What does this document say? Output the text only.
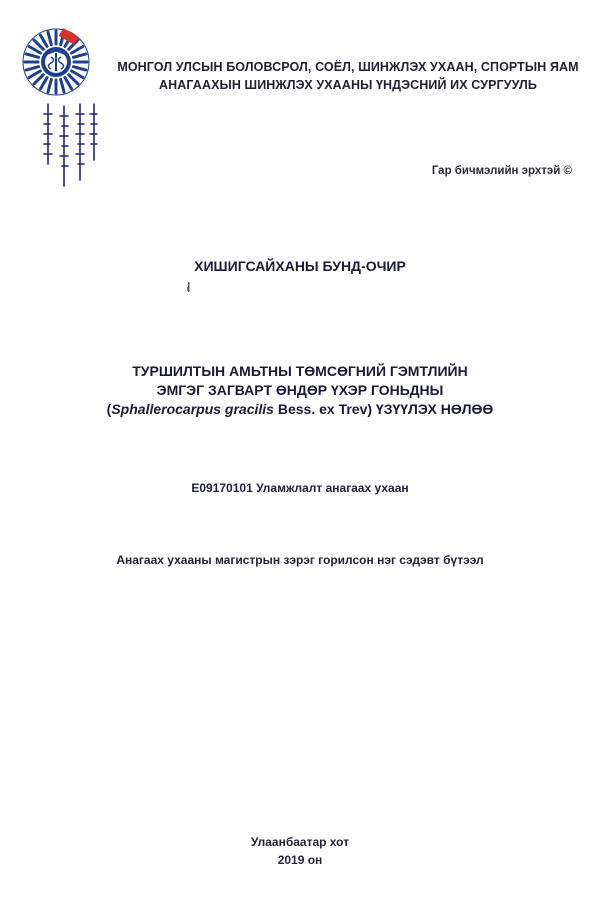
МОНГОЛ УЛСЫН БОЛОВСРОЛ, СОЁЛ, ШИНЖЛЭХ УХААН, СПОРТЫН ЯАМ
АНАГААХЫН ШИНЖЛЭХ УХААНЫ ҮНДЭСНИЙ ИХ СУРГУУЛЬ
Гар бичмэлийн эрхтэй ©
ХИШИГСАЙХАНЫ БУНД-ОЧИР
ТУРШИЛТЫН АМЬТНЫ ТӨМСӨГНИЙ ГЭМТЛИЙН
ЭМГЭГ ЗАГВАРТ ӨНДӨР ҮХЭР ГОНЬДНЫ
(Sphallerocarpus gracilis Bess. ex Trev) ҮЗҮҮЛЭХ НӨЛӨӨ
E09170101 Уламжлалт анагаах ухаан
Анагаах ухааны магистрын зэрэг горилсон нэг сэдэвт бүтээл
Улаанбаатар хот
2019 он
